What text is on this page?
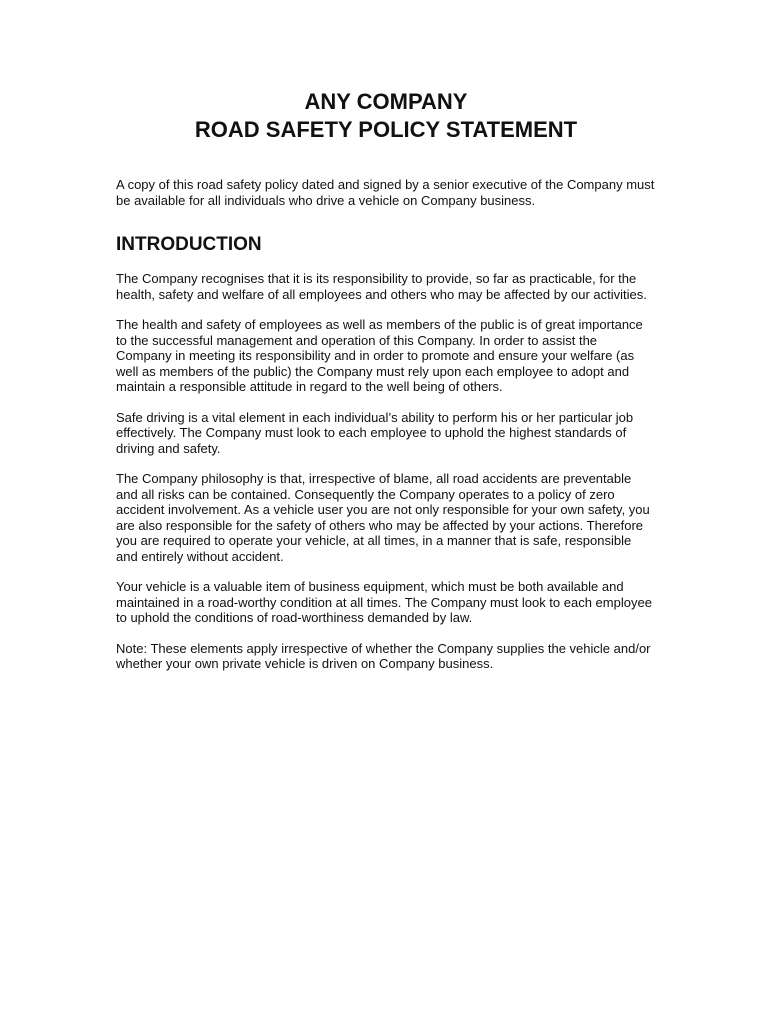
ANY COMPANY

ROAD SAFETY POLICY STATEMENT

A copy of this road safety policy dated and signed by a senior executive of the Company must be available for all individuals who drive a vehicle on Company business.

INTRODUCTION

The Company recognises that it is its responsibility to provide, so far as practicable, for the health, safety and welfare of all employees and others who may be affected by our activities.

The health and safety of employees as well as members of the public is of great importance to the successful management and operation of this Company. In order to assist the Company in meeting its responsibility and in order to promote and ensure your welfare (as well as members of the public) the Company must rely upon each employee to adopt and maintain a responsible attitude in regard to the well being of others.

Safe driving is a vital element in each individual’s ability to perform his or her particular job effectively. The Company must look to each employee to uphold the highest standards of driving and safety.

The Company philosophy is that, irrespective of blame, all road accidents are preventable and all risks can be contained. Consequently the Company operates to a policy of zero accident involvement. As a vehicle user you are not only responsible for your own safety, you are also responsible for the safety of others who may be affected by your actions. Therefore you are required to operate your vehicle, at all times, in a manner that is safe, responsible and entirely without accident.

Your vehicle is a valuable item of business equipment, which must be both available and maintained in a road-worthy condition at all times. The Company must look to each employee to uphold the conditions of road-worthiness demanded by law.

Note: These elements apply irrespective of whether the Company supplies the vehicle and/or whether your own private vehicle is driven on Company business.
